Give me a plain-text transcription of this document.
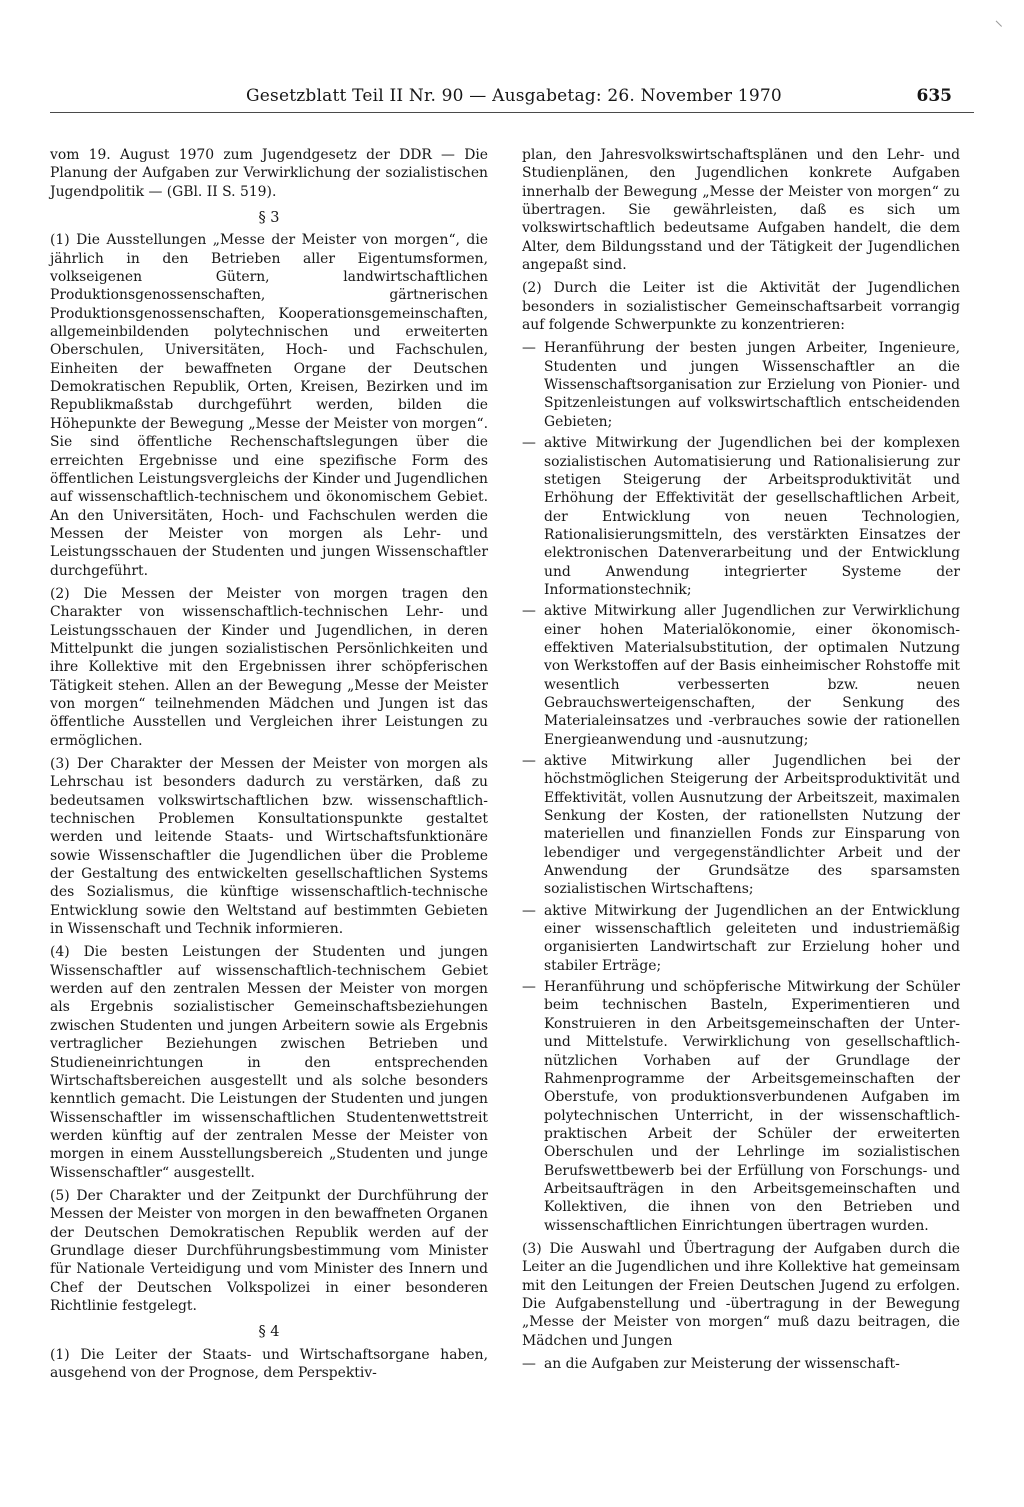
Gesetzblatt Teil II Nr. 90 — Ausgabetag: 26. November 1970	635

vom 19. August 1970 zum Jugendgesetz der DDR — Die Planung der Aufgaben zur Verwirklichung der sozialistischen Jugendpolitik — (GBl. II S. 519).

§ 3

(1) Die Ausstellungen „Messe der Meister von morgen“, die jährlich in den Betrieben aller Eigentumsformen, volkseigenen Gütern, landwirtschaftlichen Produktionsgenossenschaften, gärtnerischen Produktionsgenossenschaften, Kooperationsgemeinschaften, allgemeinbildenden polytechnischen und erweiterten Oberschulen, Universitäten, Hoch- und Fachschulen, Einheiten der bewaffneten Organe der Deutschen Demokratischen Republik, Orten, Kreisen, Bezirken und im Republikmaßstab durchgeführt werden, bilden die Höhepunkte der Bewegung „Messe der Meister von morgen“. Sie sind öffentliche Rechenschaftslegungen über die erreichten Ergebnisse und eine spezifische Form des öffentlichen Leistungsvergleichs der Kinder und Jugendlichen auf wissenschaftlich-technischem und ökonomischem Gebiet. An den Universitäten, Hoch- und Fachschulen werden die Messen der Meister von morgen als Lehr- und Leistungsschauen der Studenten und jungen Wissenschaftler durchgeführt.

(2) Die Messen der Meister von morgen tragen den Charakter von wissenschaftlich-technischen Lehr- und Leistungsschauen der Kinder und Jugendlichen, in deren Mittelpunkt die jungen sozialistischen Persönlichkeiten und ihre Kollektive mit den Ergebnissen ihrer schöpferischen Tätigkeit stehen. Allen an der Bewegung „Messe der Meister von morgen“ teilnehmenden Mädchen und Jungen ist das öffentliche Ausstellen und Vergleichen ihrer Leistungen zu ermöglichen.

(3) Der Charakter der Messen der Meister von morgen als Lehrschau ist besonders dadurch zu verstärken, daß zu bedeutsamen volkswirtschaftlichen bzw. wissenschaftlich-technischen Problemen Konsultationspunkte gestaltet werden und leitende Staats- und Wirtschaftsfunktionäre sowie Wissenschaftler die Jugendlichen über die Probleme der Gestaltung des entwickelten gesellschaftlichen Systems des Sozialismus, die künftige wissenschaftlich-technische Entwicklung sowie den Weltstand auf bestimmten Gebieten in Wissenschaft und Technik informieren.

(4) Die besten Leistungen der Studenten und jungen Wissenschaftler auf wissenschaftlich-technischem Gebiet werden auf den zentralen Messen der Meister von morgen als Ergebnis sozialistischer Gemeinschaftsbeziehungen zwischen Studenten und jungen Arbeitern sowie als Ergebnis vertraglicher Beziehungen zwischen Betrieben und Studieneinrichtungen in den entsprechenden Wirtschaftsbereichen ausgestellt und als solche besonders kenntlich gemacht. Die Leistungen der Studenten und jungen Wissenschaftler im wissenschaftlichen Studentenwettstreit werden künftig auf der zentralen Messe der Meister von morgen in einem Ausstellungsbereich „Studenten und junge Wissenschaftler“ ausgestellt.

(5) Der Charakter und der Zeitpunkt der Durchführung der Messen der Meister von morgen in den bewaffneten Organen der Deutschen Demokratischen Republik werden auf der Grundlage dieser Durchführungsbestimmung vom Minister für Nationale Verteidigung und vom Minister des Innern und Chef der Deutschen Volkspolizei in einer besonderen Richtlinie festgelegt.

§ 4

(1) Die Leiter der Staats- und Wirtschaftsorgane haben, ausgehend von der Prognose, dem Perspektiv-

plan, den Jahresvolkswirtschaftsplänen und den Lehr- und Studienplänen, den Jugendlichen konkrete Aufgaben innerhalb der Bewegung „Messe der Meister von morgen“ zu übertragen. Sie gewährleisten, daß es sich um volkswirtschaftlich bedeutsame Aufgaben handelt, die dem Alter, dem Bildungsstand und der Tätigkeit der Jugendlichen angepaßt sind.

(2) Durch die Leiter ist die Aktivität der Jugendlichen besonders in sozialistischer Gemeinschaftsarbeit vorrangig auf folgende Schwerpunkte zu konzentrieren:

— Heranführung der besten jungen Arbeiter, Ingenieure, Studenten und jungen Wissenschaftler an die Wissenschaftsorganisation zur Erzielung von Pionier- und Spitzenleistungen auf volkswirtschaftlich entscheidenden Gebieten;
— aktive Mitwirkung der Jugendlichen bei der komplexen sozialistischen Automatisierung und Rationalisierung zur stetigen Steigerung der Arbeitsproduktivität und Erhöhung der Effektivität der gesellschaftlichen Arbeit, der Entwicklung von neuen Technologien, Rationalisierungsmitteln, des verstärkten Einsatzes der elektronischen Datenverarbeitung und der Entwicklung und Anwendung integrierter Systeme der Informationstechnik;
— aktive Mitwirkung aller Jugendlichen zur Verwirklichung einer hohen Materialökonomie, einer ökonomisch-effektiven Materialsubstitution, der optimalen Nutzung von Werkstoffen auf der Basis einheimischer Rohstoffe mit wesentlich verbesserten bzw. neuen Gebrauchswerteigenschaften, der Senkung des Materialeinsatzes und -verbrauches sowie der rationellen Energieanwendung und -ausnutzung;
— aktive Mitwirkung aller Jugendlichen bei der höchstmöglichen Steigerung der Arbeitsproduktivität und Effektivität, vollen Ausnutzung der Arbeitszeit, maximalen Senkung der Kosten, der rationellsten Nutzung der materiellen und finanziellen Fonds zur Einsparung von lebendiger und vergegenständlichter Arbeit und der Anwendung der Grundsätze des sparsamsten sozialistischen Wirtschaftens;
— aktive Mitwirkung der Jugendlichen an der Entwicklung einer wissenschaftlich geleiteten und industriemäßig organisierten Landwirtschaft zur Erzielung hoher und stabiler Erträge;
— Heranführung und schöpferische Mitwirkung der Schüler beim technischen Basteln, Experimentieren und Konstruieren in den Arbeitsgemeinschaften der Unter- und Mittelstufe. Verwirklichung von gesellschaftlich-nützlichen Vorhaben auf der Grundlage der Rahmenprogramme der Arbeitsgemeinschaften der Oberstufe, von produktionsverbundenen Aufgaben im polytechnischen Unterricht, in der wissenschaftlich-praktischen Arbeit der Schüler der erweiterten Oberschulen und der Lehrlinge im sozialistischen Berufswettbewerb bei der Erfüllung von Forschungs- und Arbeitsaufträgen in den Arbeitsgemeinschaften und Kollektiven, die ihnen von den Betrieben und wissenschaftlichen Einrichtungen übertragen wurden.

(3) Die Auswahl und Übertragung der Aufgaben durch die Leiter an die Jugendlichen und ihre Kollektive hat gemeinsam mit den Leitungen der Freien Deutschen Jugend zu erfolgen. Die Aufgabenstellung und -übertragung in der Bewegung „Messe der Meister von morgen“ muß dazu beitragen, die Mädchen und Jungen

— an die Aufgaben zur Meisterung der wissenschaft-
